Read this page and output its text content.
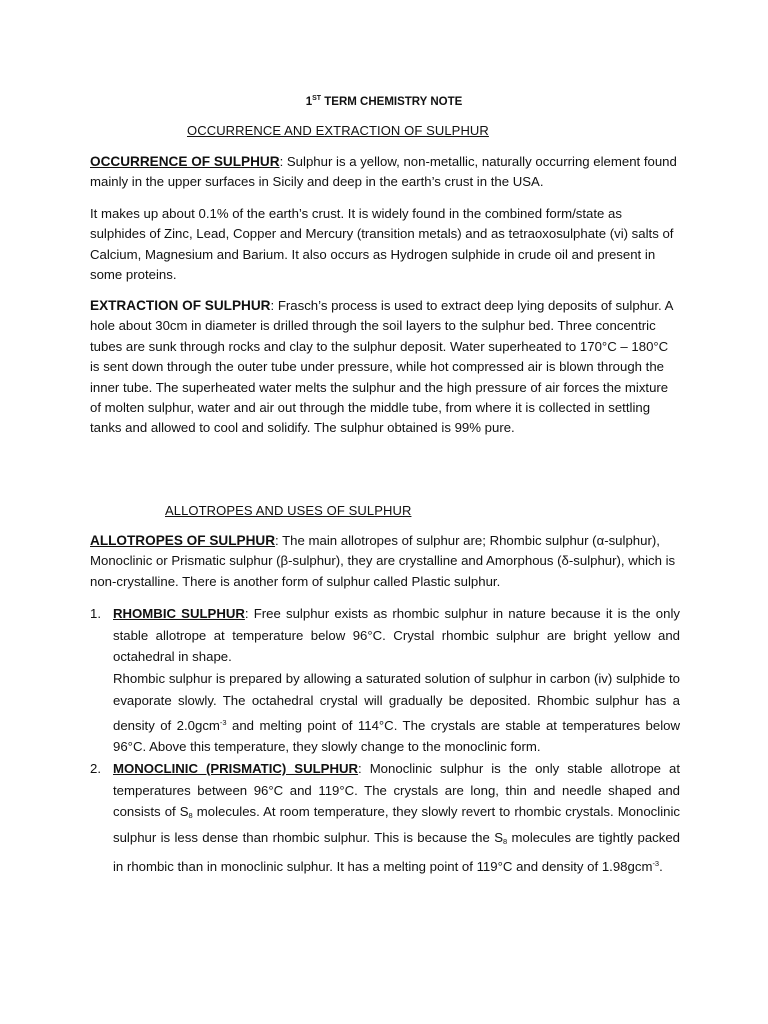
1ST TERM CHEMISTRY NOTE
OCCURRENCE AND EXTRACTION OF SULPHUR
OCCURRENCE OF SULPHUR: Sulphur is a yellow, non-metallic, naturally occurring element found mainly in the upper surfaces in Sicily and deep in the earth’s crust in the USA.
It makes up about 0.1% of the earth’s crust. It is widely found in the combined form/state as sulphides of Zinc, Lead, Copper and Mercury (transition metals) and as tetraoxosulphate (vi) salts of Calcium, Magnesium and Barium. It also occurs as Hydrogen sulphide in crude oil and present in some proteins.
EXTRACTION OF SULPHUR: Frasch’s process is used to extract deep lying deposits of sulphur. A hole about 30cm in diameter is drilled through the soil layers to the sulphur bed. Three concentric tubes are sunk through rocks and clay to the sulphur deposit. Water superheated to 170°C – 180°C is sent down through the outer tube under pressure, while hot compressed air is blown through the inner tube. The superheated water melts the sulphur and the high pressure of air forces the mixture of molten sulphur, water and air out through the middle tube, from where it is collected in settling tanks and allowed to cool and solidify. The sulphur obtained is 99% pure.
ALLOTROPES AND USES OF SULPHUR
ALLOTROPES OF SULPHUR: The main allotropes of sulphur are; Rhombic sulphur (α-sulphur), Monoclinic or Prismatic sulphur (β-sulphur), they are crystalline and Amorphous (δ-sulphur), which is non-crystalline. There is another form of sulphur called Plastic sulphur.
1. RHOMBIC SULPHUR: Free sulphur exists as rhombic sulphur in nature because it is the only stable allotrope at temperature below 96°C. Crystal rhombic sulphur are bright yellow and octahedral in shape.
Rhombic sulphur is prepared by allowing a saturated solution of sulphur in carbon (iv) sulphide to evaporate slowly. The octahedral crystal will gradually be deposited. Rhombic sulphur has a density of 2.0gcm$^{-3}$ and melting point of 114°C. The crystals are stable at temperatures below 96°C. Above this temperature, they slowly change to the monoclinic form.
2. MONOCLINIC (PRISMATIC) SULPHUR: Monoclinic sulphur is the only stable allotrope at temperatures between 96°C and 119°C. The crystals are long, thin and needle shaped and consists of $S_8$ molecules. At room temperature, they slowly revert to rhombic crystals. Monoclinic sulphur is less dense than rhombic sulphur. This is because the $S_8$ molecules are tightly packed in rhombic than in monoclinic sulphur. It has a melting point of 119°C and density of 1.98gcm$^{-3}$.
